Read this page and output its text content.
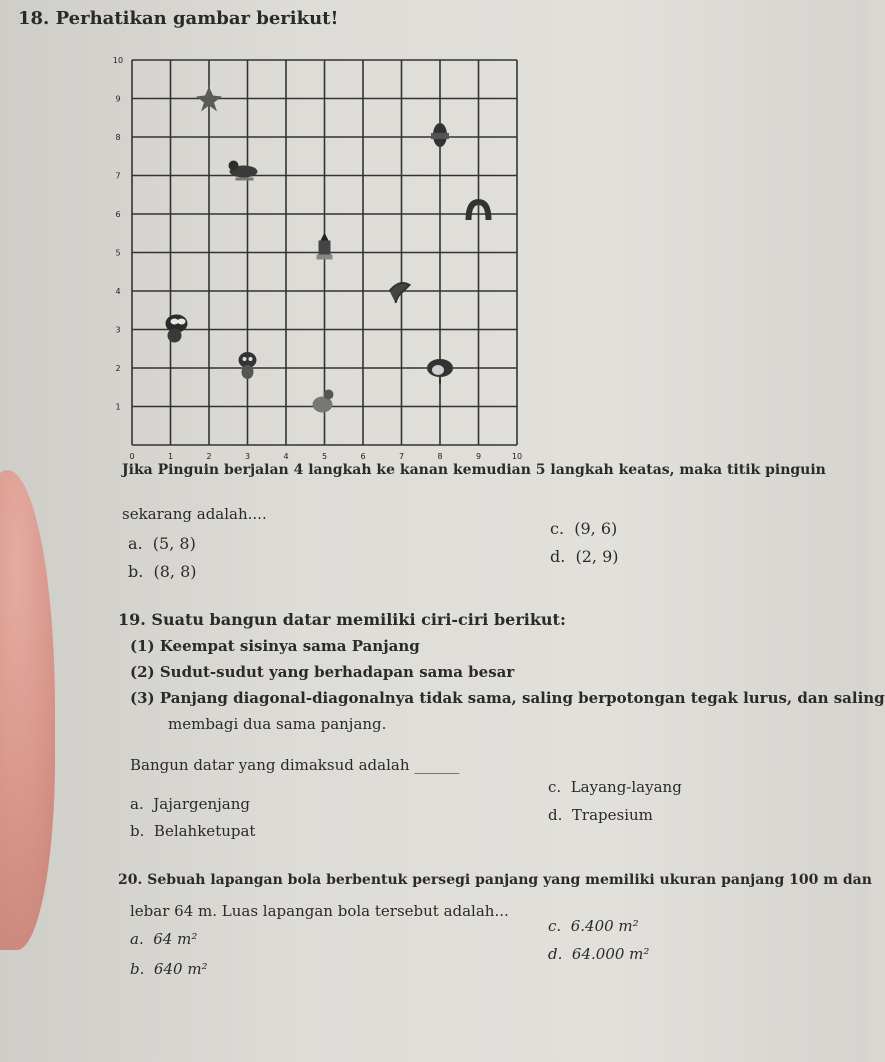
18. Perhatikan gambar berikut!
0	1	2	3	4	5	6	7	8	9	10
1
2
3
4
5
6
7
8
9
10
Jika Pinguin berjalan 4 langkah ke kanan kemudian 5 langkah keatas, maka titik pinguin
sekarang adalah....
a. (5, 8)
b. (8, 8)
c. (9, 6)
d. (2, 9)
19. Suatu bangun datar memiliki ciri-ciri berikut:
(1) Keempat sisinya sama Panjang
(2) Sudut-sudut yang berhadapan sama besar
(3) Panjang diagonal-diagonalnya tidak sama, saling berpotongan tegak lurus, dan saling
membagi dua sama panjang.
Bangun datar yang dimaksud adalah ______
a. Jajargenjang
b. Belahketupat
c. Layang-layang
d. Trapesium
20. Sebuah lapangan bola berbentuk persegi panjang yang memiliki ukuran panjang 100 m dan
lebar 64 m. Luas lapangan bola tersebut adalah...
a. 64 m²
b. 640 m²
c. 6.400 m²
d. 64.000 m²
